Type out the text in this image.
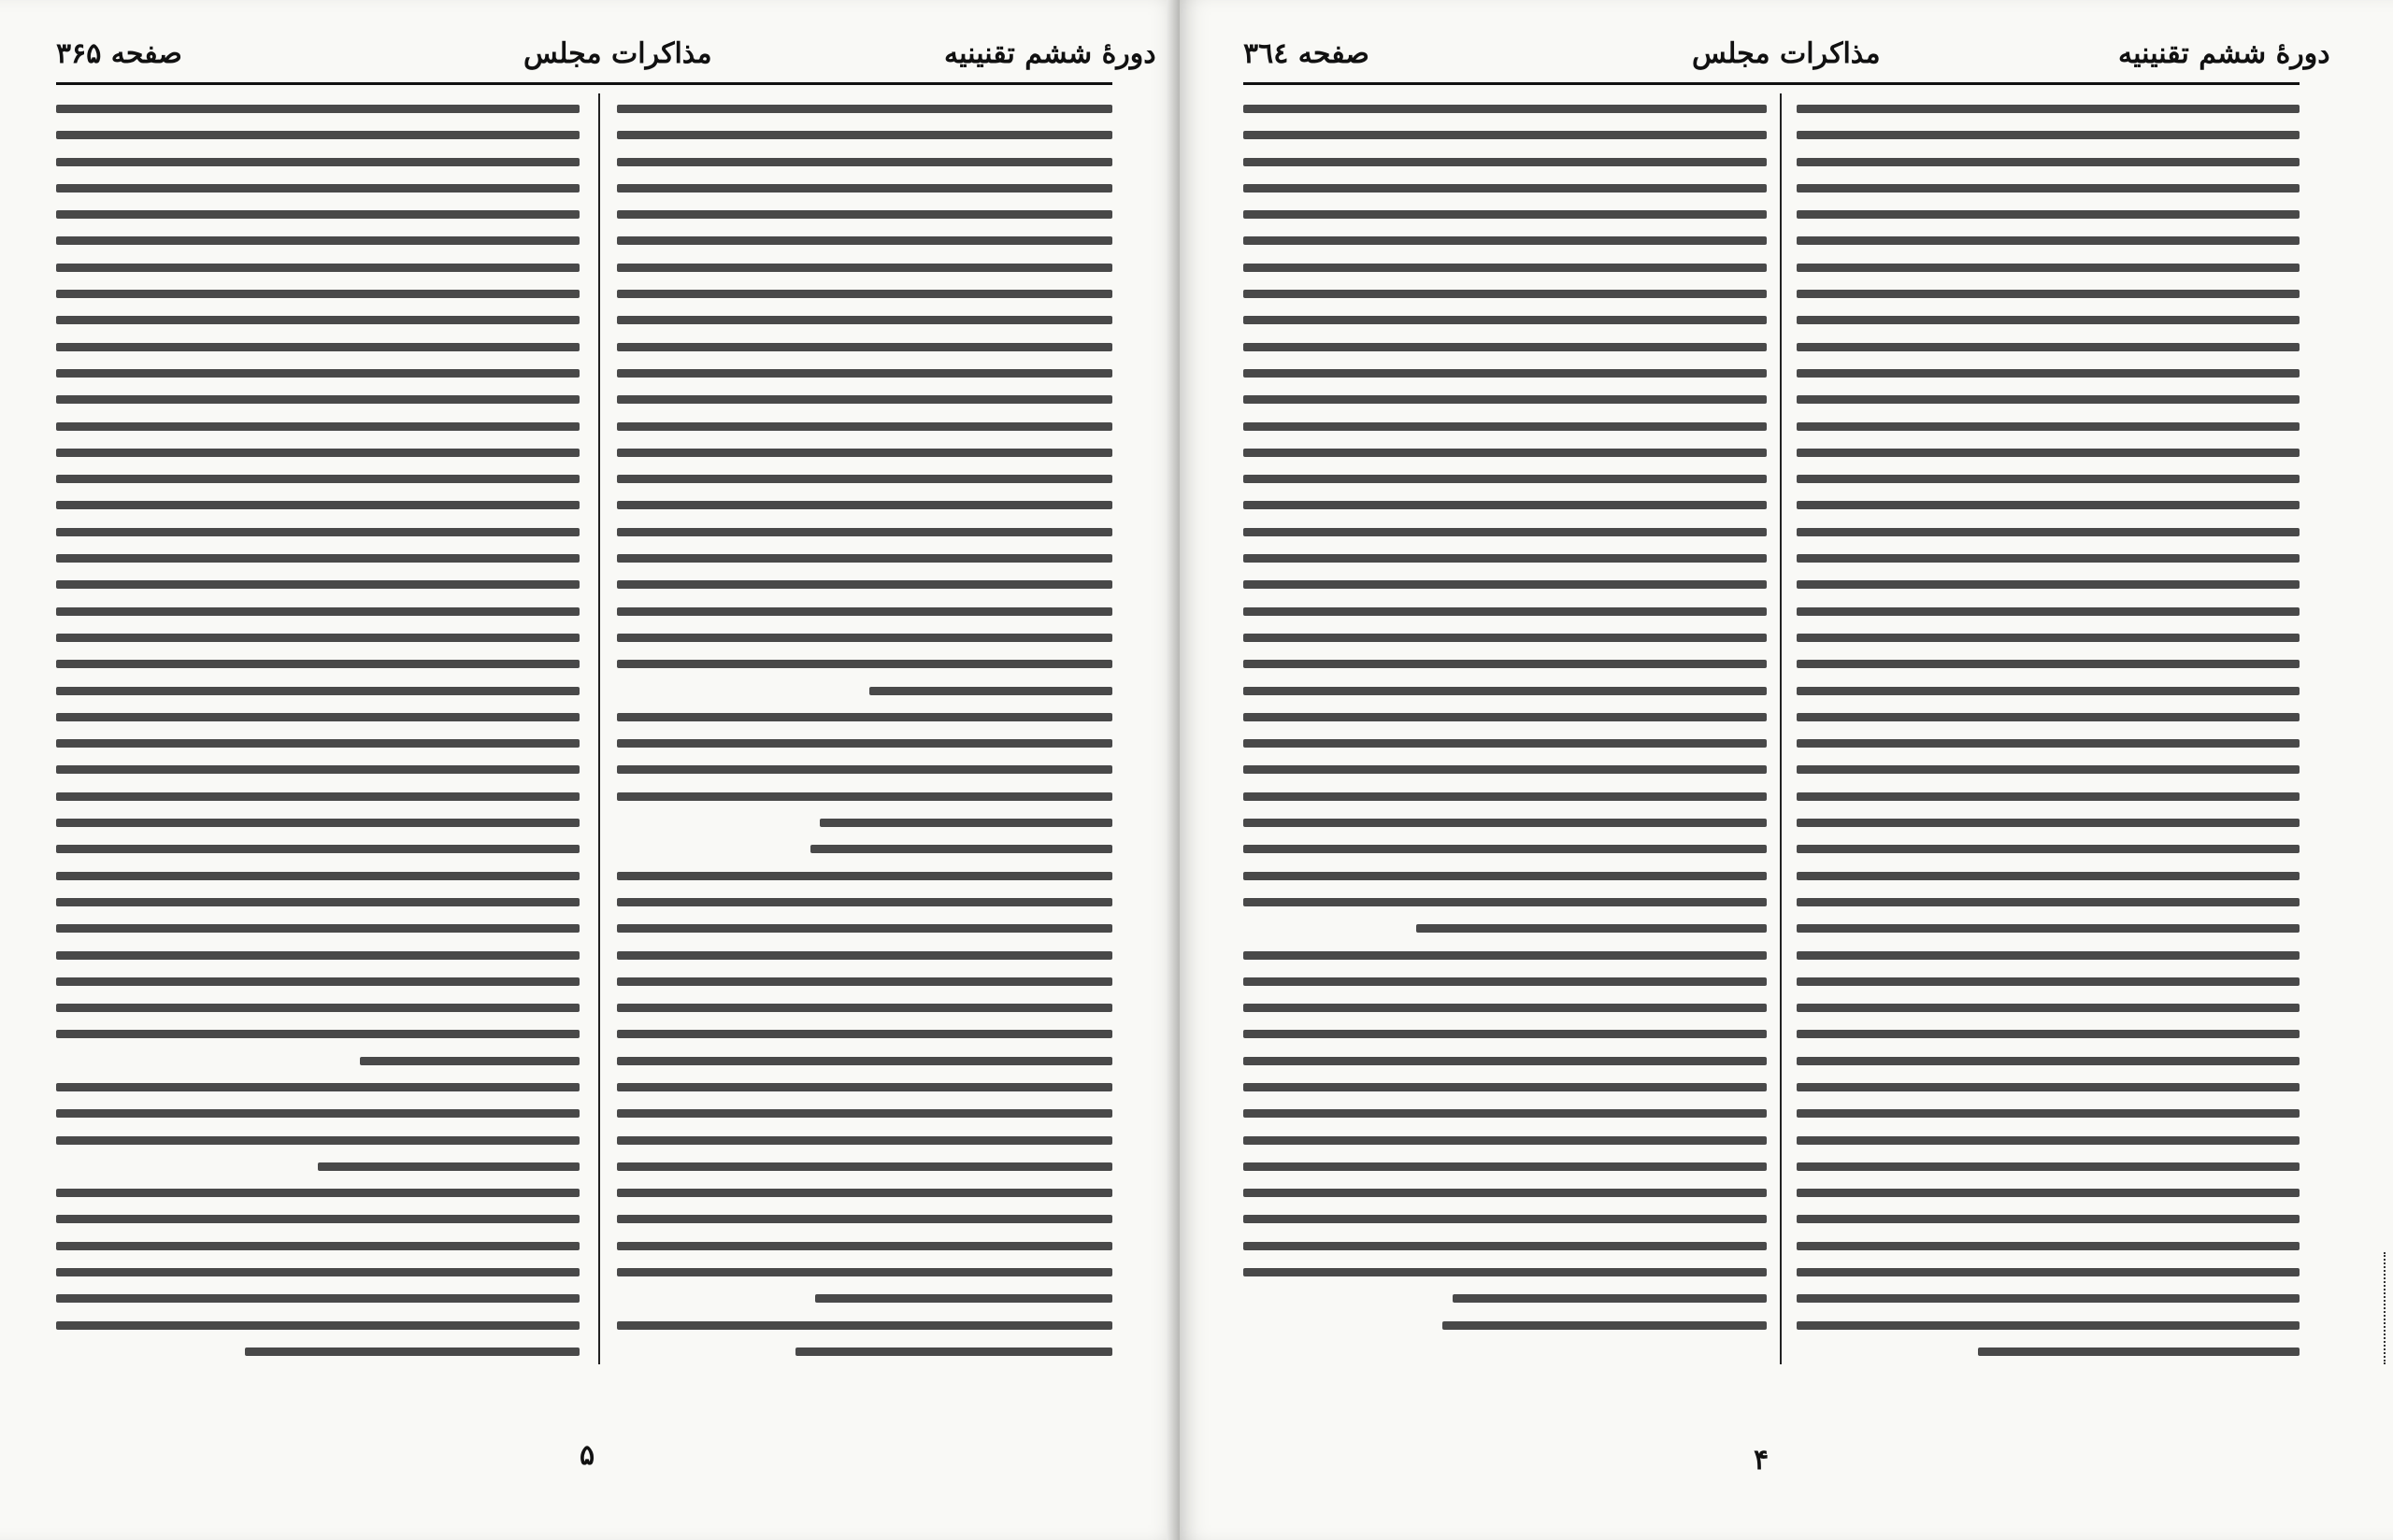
صفحه ۳۶۵	مذاکرات مجلس	دورهٔ ششم تقنینیه
۵
صفحه ۳٦٤	مذاکرات مجلس	دورهٔ ششم تقنینیه
۴
